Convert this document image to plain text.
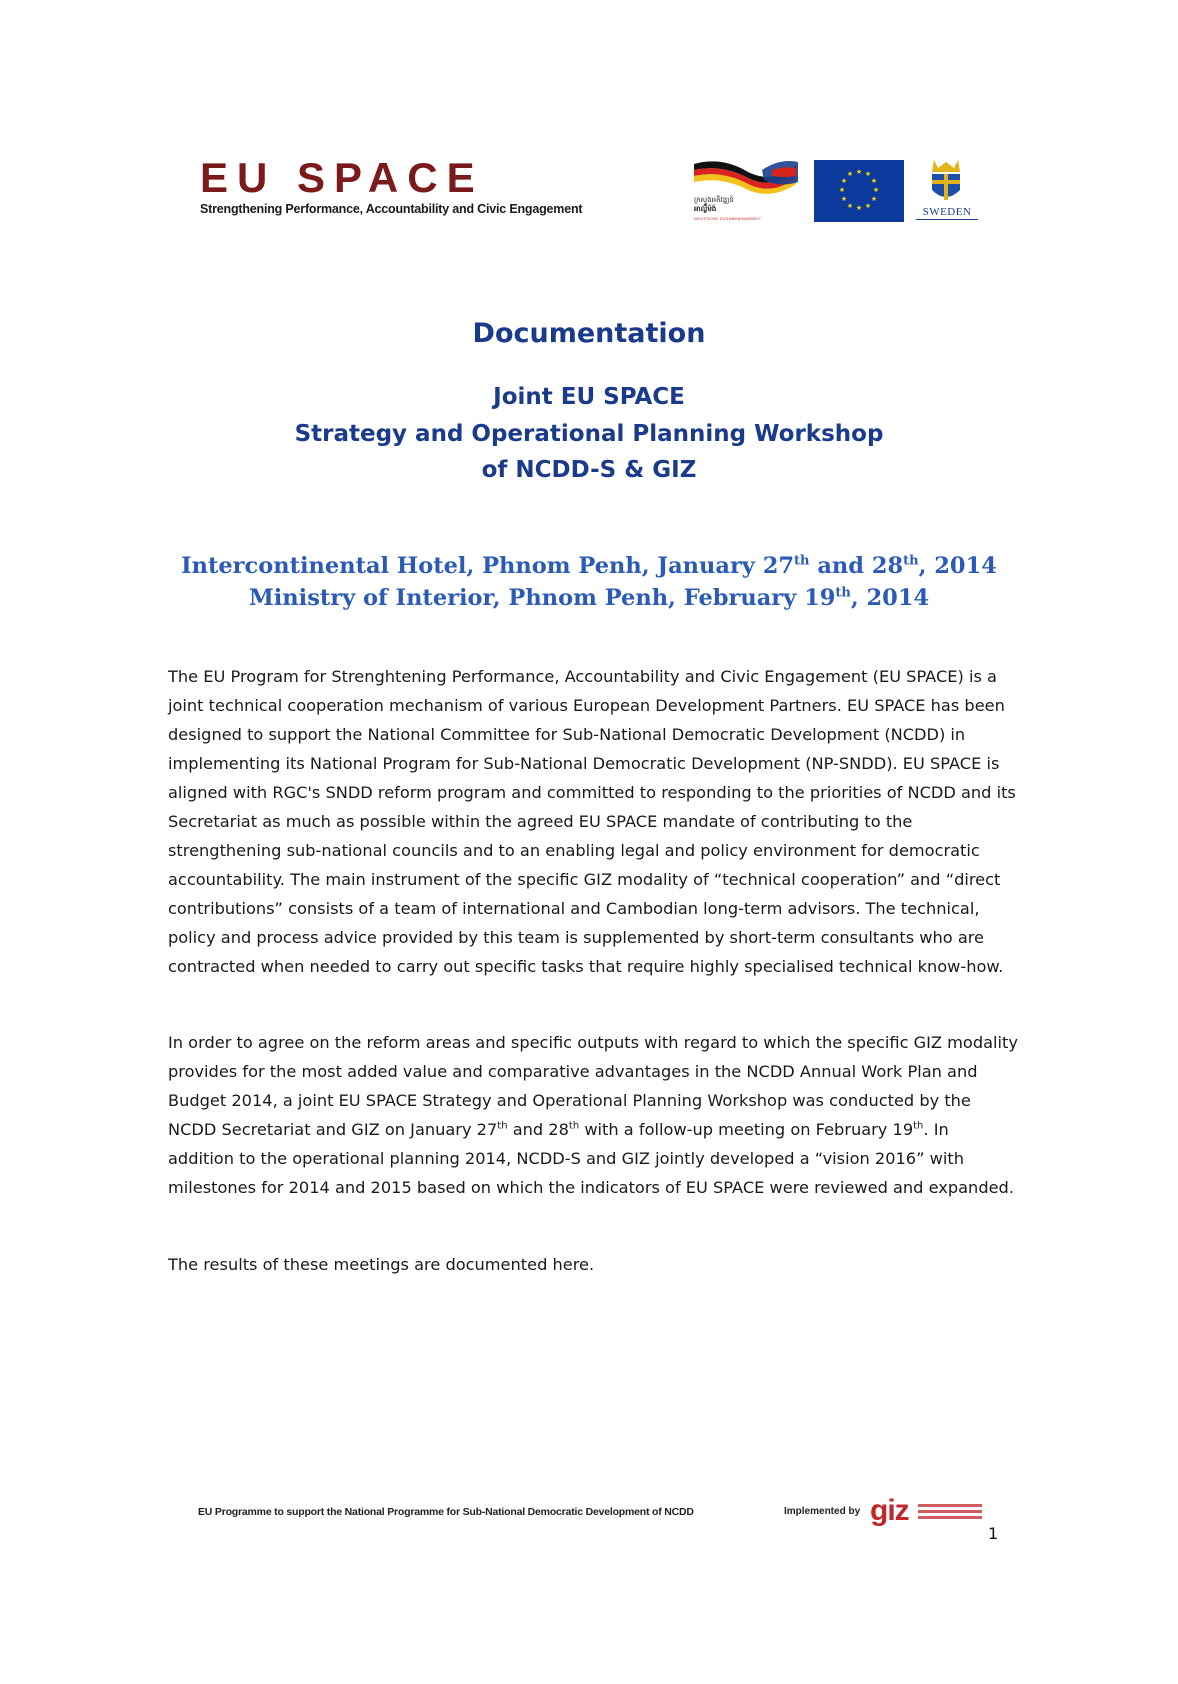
EU SPACE
Strengthening Performance, Accountability and Civic Engagement
ក្រសួងអភិវឌ្ឍន៍
អាល្លឺម៉ង់
DEUTSCHE ZUSAMMENARBEIT
★ ★
★
★
★
★
★
★
★
★
★
★
SWEDEN
Documentation
Joint EU SPACE
Strategy and Operational Planning Workshop
of NCDD-S & GIZ
Intercontinental Hotel, Phnom Penh, January 27th and 28th, 2014
Ministry of Interior, Phnom Penh, February 19th, 2014

The EU Program for Strenghtening Performance, Accountability and Civic Engagement (EU SPACE) is a joint technical cooperation mechanism of various European Development Partners. EU SPACE has been designed to support the National Committee for Sub-National Democratic Development (NCDD) in implementing its National Program for Sub-National Democratic Development (NP-SNDD). EU SPACE is aligned with RGC's SNDD reform program and committed to responding to the priorities of NCDD and its Secretariat as much as possible within the agreed EU SPACE mandate of contributing to the strengthening sub-national councils and to an enabling legal and policy environment for democratic accountability. The main instrument of the specific GIZ modality of “technical cooperation” and “direct contributions” consists of a team of international and Cambodian long-term advisors. The technical, policy and process advice provided by this team is supplemented by short-term consultants who are contracted when needed to carry out specific tasks that require highly specialised technical know-how.

In order to agree on the reform areas and specific outputs with regard to which the specific GIZ modality provides for the most added value and comparative advantages in the NCDD Annual Work Plan and Budget 2014, a joint EU SPACE Strategy and Operational Planning Workshop was conducted by the NCDD Secretariat and GIZ on January 27th and 28th with a follow-up meeting on February 19th. In addition to the operational planning 2014, NCDD-S and GIZ jointly developed a “vision 2016” with milestones for 2014 and 2015 based on which the indicators of EU SPACE were reviewed and expanded.

The results of these meetings are documented here.

EU Programme to support the National Programme for Sub-National Democratic Development of NCDD	Implemented by giz
1
